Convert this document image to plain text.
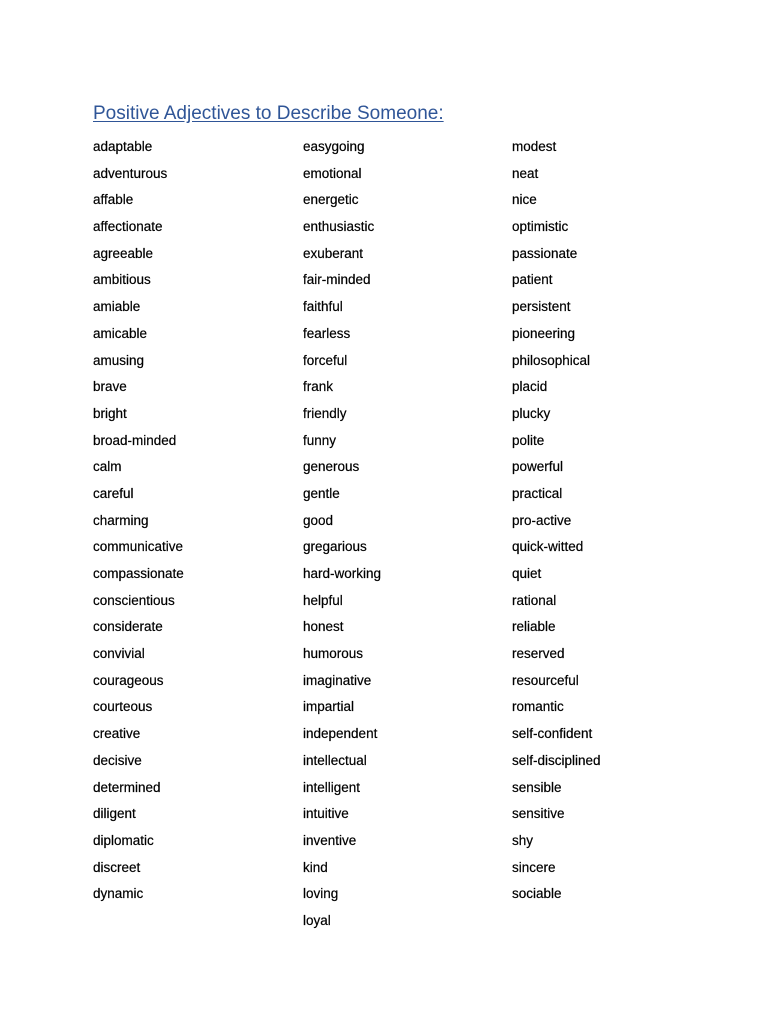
Positive Adjectives to Describe Someone:
adaptable
adventurous
affable
affectionate
agreeable
ambitious
amiable
amicable
amusing
brave
bright
broad-minded
calm
careful
charming
communicative
compassionate
conscientious
considerate
convivial
courageous
courteous
creative
decisive
determined
diligent
diplomatic
discreet
dynamic
easygoing
emotional
energetic
enthusiastic
exuberant
fair-minded
faithful
fearless
forceful
frank
friendly
funny
generous
gentle
good
gregarious
hard-working
helpful
honest
humorous
imaginative
impartial
independent
intellectual
intelligent
intuitive
inventive
kind
loving
loyal
modest
neat
nice
optimistic
passionate
patient
persistent
pioneering
philosophical
placid
plucky
polite
powerful
practical
pro-active
quick-witted
quiet
rational
reliable
reserved
resourceful
romantic
self-confident
self-disciplined
sensible
sensitive
shy
sincere
sociable
